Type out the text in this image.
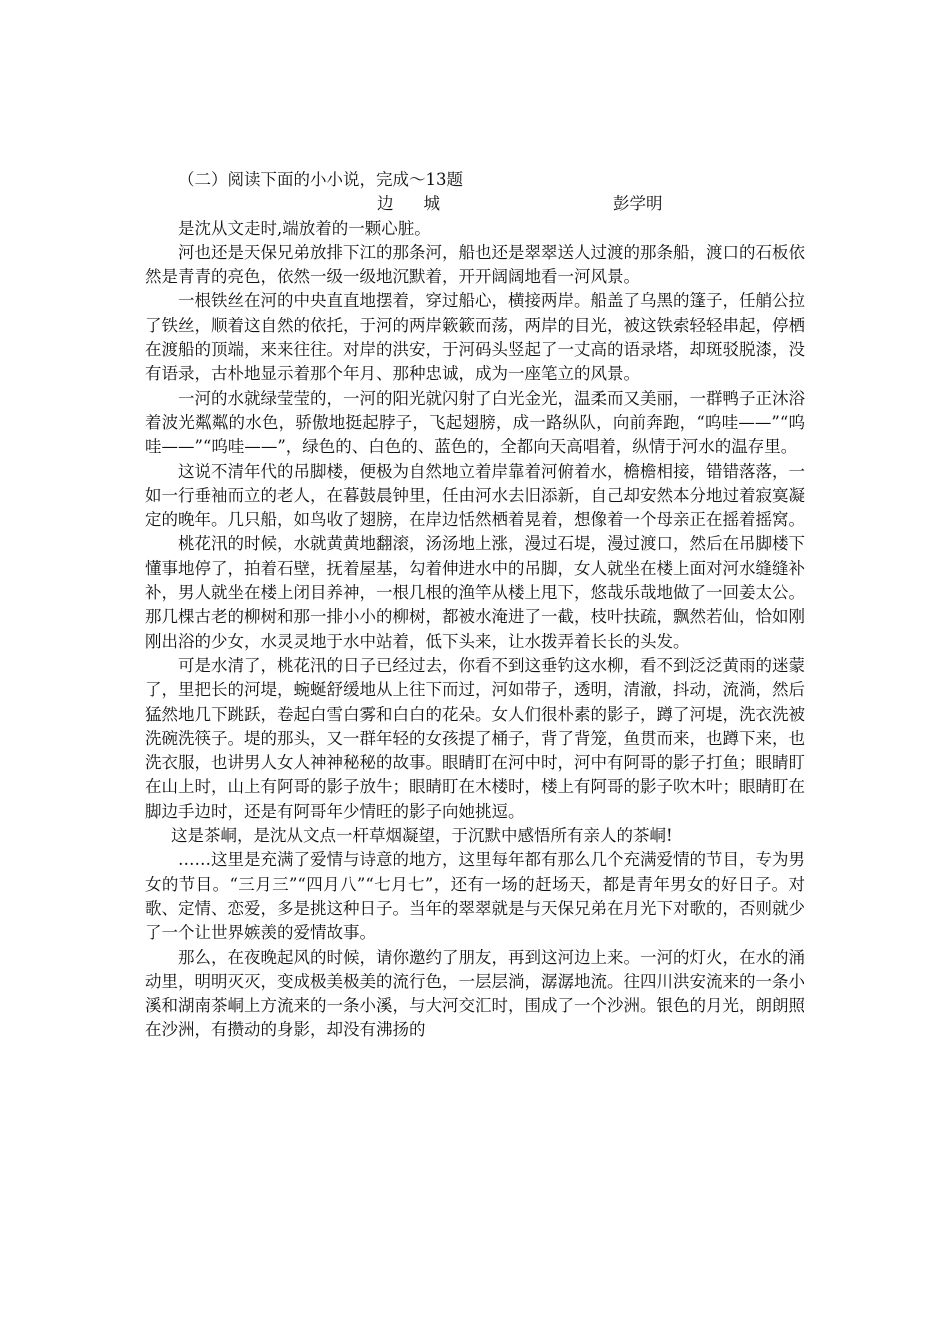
（二）阅读下面的小小说，完成～13题

边城	彭学明

是沈从文走时,端放着的一颗心脏。

河也还是天保兄弟放排下江的那条河，船也还是翠翠送人过渡的那条船，渡口的石板依然是青青的亮色，依然一级一级地沉默着，开开阔阔地看一河风景。

一根铁丝在河的中央直直地摆着，穿过船心，横接两岸。船盖了乌黑的篷子，任艄公拉了铁丝，顺着这自然的依托，于河的两岸簌簌而荡，两岸的目光，被这铁索轻轻串起，停栖在渡船的顶端，来来往往。对岸的洪安，于河码头竖起了一丈高的语录塔，却斑驳脱漆，没有语录，古朴地显示着那个年月、那种忠诚，成为一座笔立的风景。

一河的水就绿莹莹的，一河的阳光就闪射了白光金光，温柔而又美丽，一群鸭子正沐浴着波光粼粼的水色，骄傲地挺起脖子，飞起翅膀，成一路纵队，向前奔跑，“呜哇——”“呜哇——”“呜哇——”，绿色的、白色的、蓝色的，全都向天高唱着，纵情于河水的温存里。

这说不清年代的吊脚楼，便极为自然地立着岸靠着河俯着水，檐檐相接，错错落落，一如一行垂袖而立的老人，在暮鼓晨钟里，任由河水去旧添新，自己却安然本分地过着寂寞凝定的晚年。几只船，如鸟收了翅膀，在岸边恬然栖着晃着，想像着一个母亲正在摇着摇窝。

桃花汛的时候，水就黄黄地翻滚，汤汤地上涨，漫过石堤，漫过渡口，然后在吊脚楼下懂事地停了，拍着石壁，抚着屋基，勾着伸进水中的吊脚，女人就坐在楼上面对河水缝缝补补，男人就坐在楼上闭目养神，一根几根的渔竿从楼上甩下，悠哉乐哉地做了一回姜太公。那几棵古老的柳树和那一排小小的柳树，都被水淹进了一截，枝叶扶疏，飘然若仙，恰如刚刚出浴的少女，水灵灵地于水中站着，低下头来，让水拨弄着长长的头发。

可是水清了，桃花汛的日子已经过去，你看不到这垂钓这水柳，看不到泛泛黄雨的迷蒙了，里把长的河堤，蜿蜒舒缓地从上往下而过，河如带子，透明，清澈，抖动，流淌，然后猛然地几下跳跃，卷起白雪白雾和白白的花朵。女人们很朴素的影子，蹲了河堤，洗衣洗被洗碗洗筷子。堤的那头，又一群年轻的女孩提了桶子，背了背笼，鱼贯而来，也蹲下来，也洗衣服，也讲男人女人神神秘秘的故事。眼睛盯在河中时，河中有阿哥的影子打鱼；眼睛盯在山上时，山上有阿哥的影子放牛；眼睛盯在木楼时，楼上有阿哥的影子吹木叶；眼睛盯在脚边手边时，还是有阿哥年少情旺的影子向她挑逗。

这是茶峒，是沈从文点一杆草烟凝望，于沉默中感悟所有亲人的茶峒!

……这里是充满了爱情与诗意的地方，这里每年都有那么几个充满爱情的节目，专为男女的节目。“三月三”“四月八”“七月七”，还有一场的赶场天，都是青年男女的好日子。对歌、定情、恋爱，多是挑这种日子。当年的翠翠就是与天保兄弟在月光下对歌的，否则就少了一个让世界嫉羡的爱情故事。

那么，在夜晚起风的时候，请你邀约了朋友，再到这河边上来。一河的灯火，在水的涌动里，明明灭灭，变成极美极美的流行色，一层层淌，潺潺地流。往四川洪安流来的一条小溪和湖南茶峒上方流来的一条小溪，与大河交汇时，围成了一个沙洲。银色的月光，朗朗照在沙洲，有攒动的身影，却没有沸扬的
